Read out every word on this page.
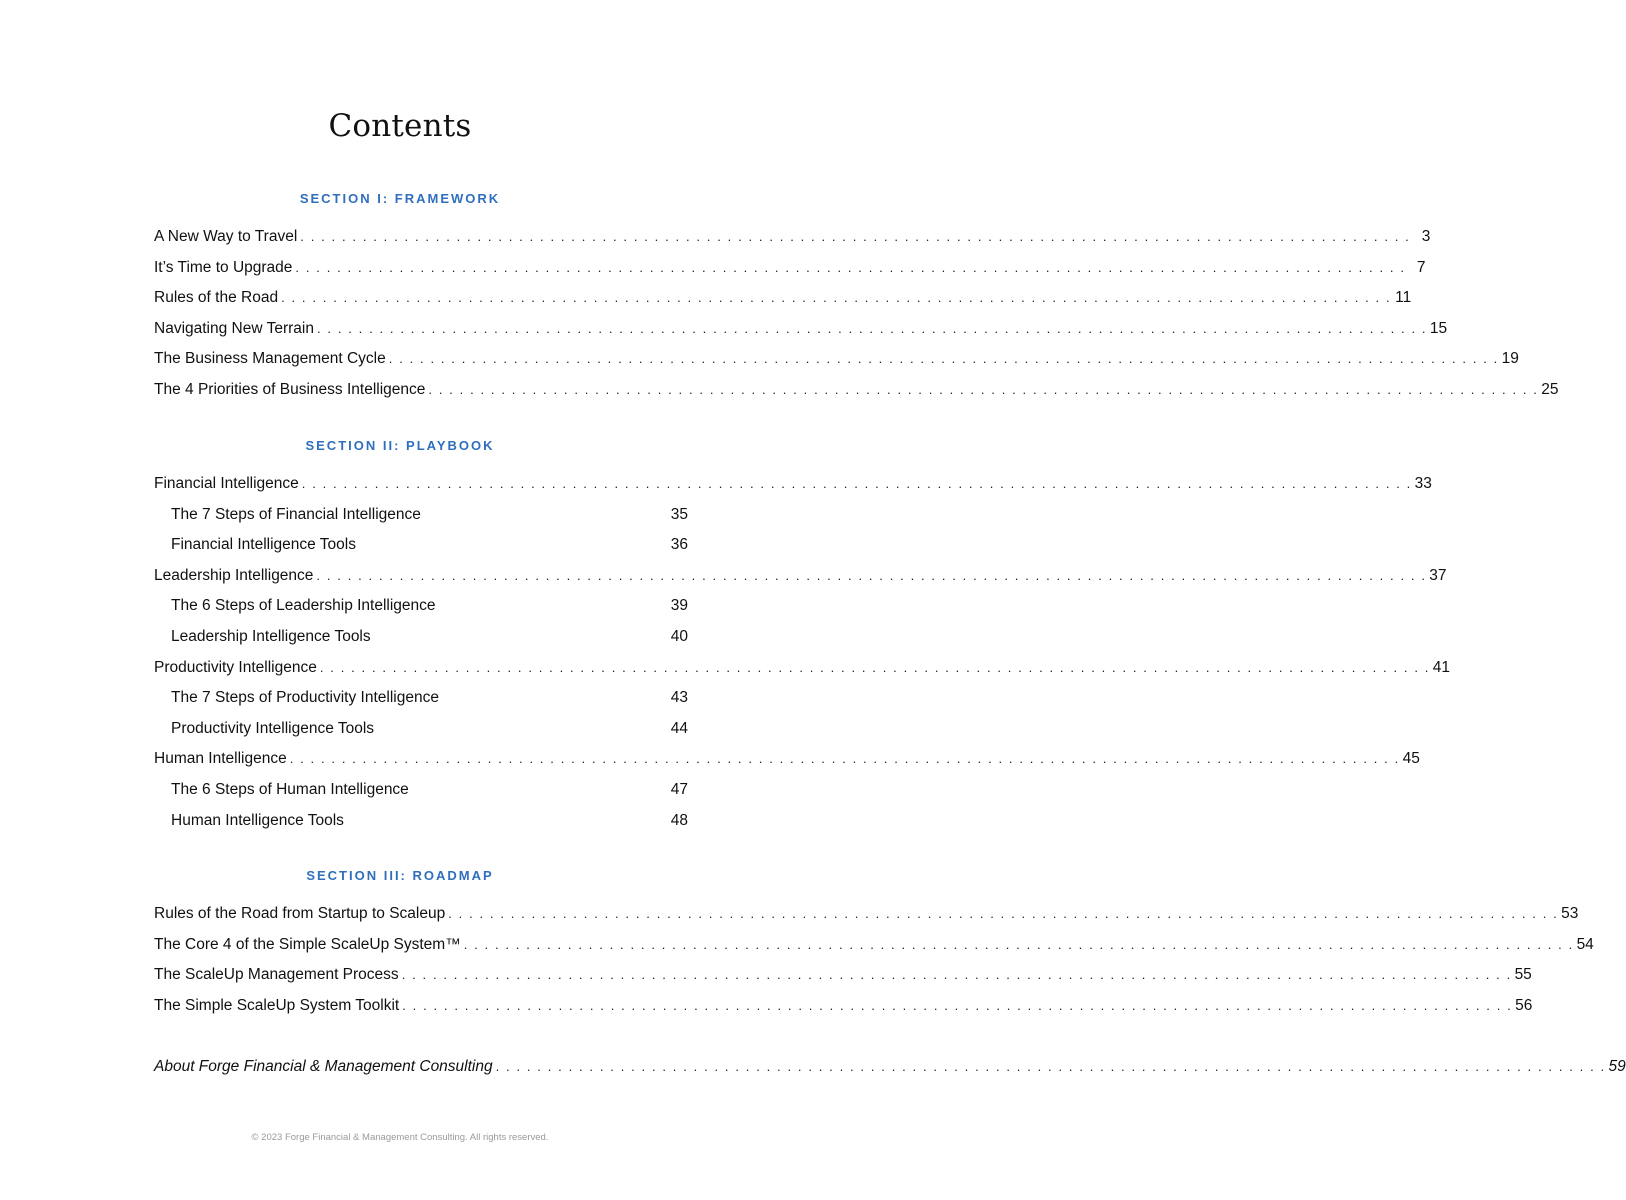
Contents
SECTION I: FRAMEWORK
A New Way to Travel . . . . . . . . . . . . . . . . . . . . . . . . . . . . . . . . . . . . . . . . . . . . . . . . . . . . . . . . . . . . . . . . . . . . . . . . . . . . . . . . . . . . . . . . . . . . . . . . . . . . . . . . . . . 3
It’s Time to Upgrade . . . . . . . . . . . . . . . . . . . . . . . . . . . . . . . . . . . . . . . . . . . . . . . . . . . . . . . . . . . . . . . . . . . . . . . . . . . . . . . . . . . . . . . . . . . . . . . . . . . . . . . . . . . 7
Rules of the Road . . . . . . . . . . . . . . . . . . . . . . . . . . . . . . . . . . . . . . . . . . . . . . . . . . . . . . . . . . . . . . . . . . . . . . . . . . . . . . . . . . . . . . . . . . . . . . . . . . . . . . . . . . . 11
Navigating New Terrain . . . . . . . . . . . . . . . . . . . . . . . . . . . . . . . . . . . . . . . . . . . . . . . . . . . . . . . . . . . . . . . . . . . . . . . . . . . . . . . . . . . . . . . . . . . . . . . . . . . . . . . . . . . 15
The Business Management Cycle . . . . . . . . . . . . . . . . . . . . . . . . . . . . . . . . . . . . . . . . . . . . . . . . . . . . . . . . . . . . . . . . . . . . . . . . . . . . . . . . . . . . . . . . . . . . . . . . . . . . . . . . . . . 19
The 4 Priorities of Business Intelligence . . . . . . . . . . . . . . . . . . . . . . . . . . . . . . . . . . . . . . . . . . . . . . . . . . . . . . . . . . . . . . . . . . . . . . . . . . . . . . . . . . . . . . . . . . . . . . . . . . . . . . . . . . . 25
SECTION II: PLAYBOOK
Financial Intelligence . . . . . . . . . . . . . . . . . . . . . . . . . . . . . . . . . . . . . . . . . . . . . . . . . . . . . . . . . . . . . . . . . . . . . . . . . . . . . . . . . . . . . . . . . . . . . . . . . . . . . . . . . . . 33
The 7 Steps of Financial Intelligence	35
Financial Intelligence Tools	36
Leadership Intelligence . . . . . . . . . . . . . . . . . . . . . . . . . . . . . . . . . . . . . . . . . . . . . . . . . . . . . . . . . . . . . . . . . . . . . . . . . . . . . . . . . . . . . . . . . . . . . . . . . . . . . . . . . . . 37
The 6 Steps of Leadership Intelligence	39
Leadership Intelligence Tools	40
Productivity Intelligence . . . . . . . . . . . . . . . . . . . . . . . . . . . . . . . . . . . . . . . . . . . . . . . . . . . . . . . . . . . . . . . . . . . . . . . . . . . . . . . . . . . . . . . . . . . . . . . . . . . . . . . . . . . 41
The 7 Steps of Productivity Intelligence	43
Productivity Intelligence Tools	44
Human Intelligence . . . . . . . . . . . . . . . . . . . . . . . . . . . . . . . . . . . . . . . . . . . . . . . . . . . . . . . . . . . . . . . . . . . . . . . . . . . . . . . . . . . . . . . . . . . . . . . . . . . . . . . . . . . 45
The 6 Steps of Human Intelligence	47
Human Intelligence Tools	48
SECTION III: ROADMAP
Rules of the Road from Startup to Scaleup . . . . . . . . . . . . . . . . . . . . . . . . . . . . . . . . . . . . . . . . . . . . . . . . . . . . . . . . . . . . . . . . . . . . . . . . . . . . . . . . . . . . . . . . . . . . . . . . . . . . . . . . . . . 53
The Core 4 of the Simple ScaleUp System™ . . . . . . . . . . . . . . . . . . . . . . . . . . . . . . . . . . . . . . . . . . . . . . . . . . . . . . . . . . . . . . . . . . . . . . . . . . . . . . . . . . . . . . . . . . . . . . . . . . . . . . . . . . . 54
The ScaleUp Management Process . . . . . . . . . . . . . . . . . . . . . . . . . . . . . . . . . . . . . . . . . . . . . . . . . . . . . . . . . . . . . . . . . . . . . . . . . . . . . . . . . . . . . . . . . . . . . . . . . . . . . . . . . . . 55
The Simple ScaleUp System Toolkit . . . . . . . . . . . . . . . . . . . . . . . . . . . . . . . . . . . . . . . . . . . . . . . . . . . . . . . . . . . . . . . . . . . . . . . . . . . . . . . . . . . . . . . . . . . . . . . . . . . . . . . . . . . 56
About Forge Financial & Management Consulting . . . . . . . . . . . . . . . . . . . . . . . . . . . . . . . . . . . . . . . . . . . . . . . . . . . . . . . . . . . . . . . . . . . . . . . . . . . . . . . . . . . . . . . . . . . . . . . . . . . . . . . . . . . 59
© 2023 Forge Financial & Management Consulting. All rights reserved.
